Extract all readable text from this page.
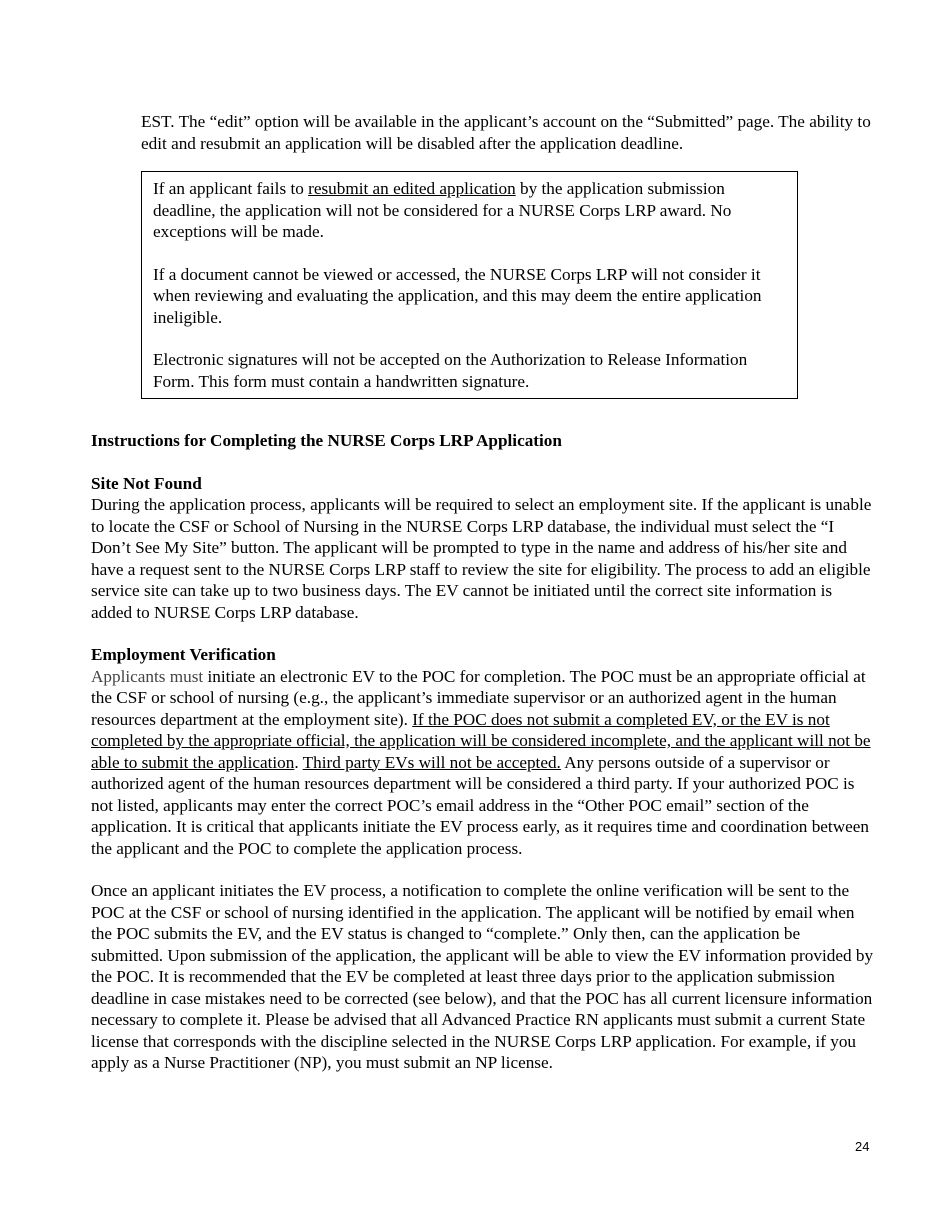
EST. The “edit” option will be available in the applicant’s account on the “Submitted” page. The ability to edit and resubmit an application will be disabled after the application deadline.

If an applicant fails to resubmit an edited application by the application submission deadline, the application will not be considered for a NURSE Corps LRP award. No exceptions will be made.

If a document cannot be viewed or accessed, the NURSE Corps LRP will not consider it when reviewing and evaluating the application, and this may deem the entire application ineligible.

Electronic signatures will not be accepted on the Authorization to Release Information Form. This form must contain a handwritten signature.

Instructions for Completing the NURSE Corps LRP Application
Site Not Found

During the application process, applicants will be required to select an employment site. If the applicant is unable to locate the CSF or School of Nursing in the NURSE Corps LRP database, the individual must select the “I Don’t See My Site” button. The applicant will be prompted to type in the name and address of his/her site and have a request sent to the NURSE Corps LRP staff to review the site for eligibility. The process to add an eligible service site can take up to two business days. The EV cannot be initiated until the correct site information is added to NURSE Corps LRP database.

Employment Verification

Applicants must initiate an electronic EV to the POC for completion. The POC must be an appropriate official at the CSF or school of nursing (e.g., the applicant’s immediate supervisor or an authorized agent in the human resources department at the employment site). If the POC does not submit a completed EV, or the EV is not completed by the appropriate official, the application will be considered incomplete, and the applicant will not be able to submit the application. Third party EVs will not be accepted. Any persons outside of a supervisor or authorized agent of the human resources department will be considered a third party. If your authorized POC is not listed, applicants may enter the correct POC’s email address in the “Other POC email” section of the application. It is critical that applicants initiate the EV process early, as it requires time and coordination between the applicant and the POC to complete the application process.

Once an applicant initiates the EV process, a notification to complete the online verification will be sent to the POC at the CSF or school of nursing identified in the application. The applicant will be notified by email when the POC submits the EV, and the EV status is changed to “complete.” Only then, can the application be submitted. Upon submission of the application, the applicant will be able to view the EV information provided by the POC. It is recommended that the EV be completed at least three days prior to the application submission deadline in case mistakes need to be corrected (see below), and that the POC has all current licensure information necessary to complete it. Please be advised that all Advanced Practice RN applicants must submit a current State license that corresponds with the discipline selected in the NURSE Corps LRP application. For example, if you apply as a Nurse Practitioner (NP), you must submit an NP license.

24
